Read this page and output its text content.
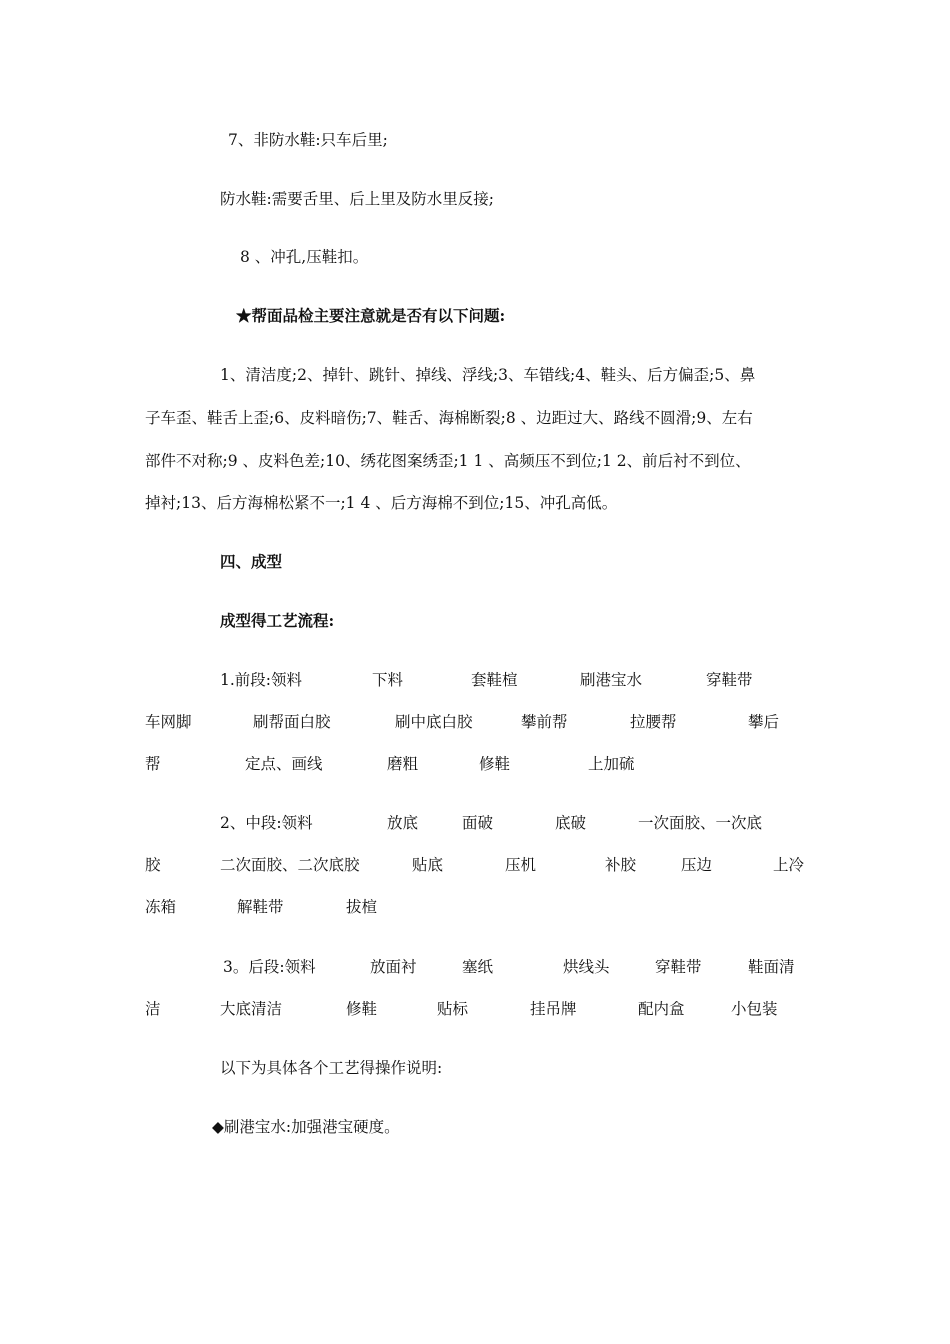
7、非防水鞋:只车后里;
防水鞋:需要舌里、后上里及防水里反接;
8 、冲孔,压鞋扣。
★帮面品检主要注意就是否有以下问题:
1、清洁度;2、掉针、跳针、掉线、浮线;3、车错线;4、鞋头、后方偏歪;5、鼻
子车歪、鞋舌上歪;6、皮料暗伤;7、鞋舌、海棉断裂;8 、边距过大、路线不圆滑;9、左右
部件不对称;9 、皮料色差;10、绣花图案绣歪;1 1 、高频压不到位;1 2、前后衬不到位、
掉衬;13、后方海棉松紧不一;1 4 、后方海棉不到位;15、冲孔高低。
四、成型
成型得工艺流程:
1.前段:领料	下料	套鞋楦	刷港宝水	穿鞋带
车网脚	刷帮面白胶	刷中底白胶	攀前帮	拉腰帮	攀后
帮	定点、画线	磨粗	修鞋	上加硫
2、中段:领料	放底	面破	底破	一次面胶、一次底
胶	二次面胶、二次底胶	贴底	压机	补胶	压边	上冷
冻箱	解鞋带	拔楦
3。后段:领料	放面衬	塞纸	烘线头	穿鞋带	鞋面清
洁	大底清洁	修鞋	贴标	挂吊牌	配内盒	小包装
以下为具体各个工艺得操作说明:
◆刷港宝水:加强港宝硬度。
